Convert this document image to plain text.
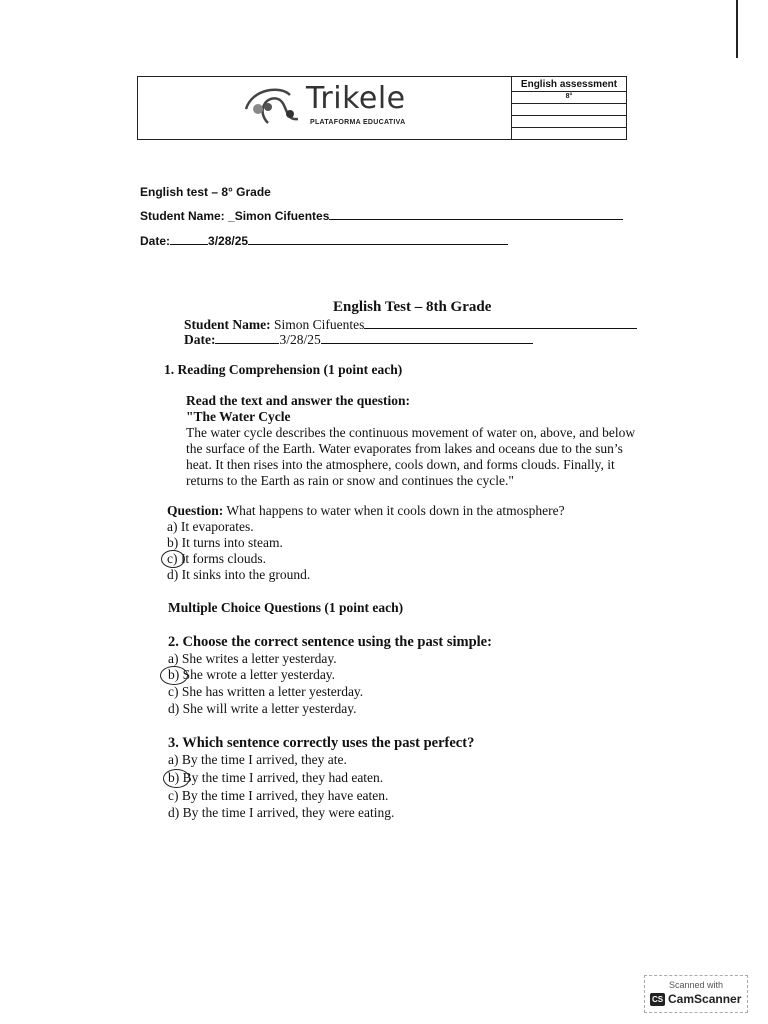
Trikele
PLATAFORMA EDUCATIVA
English assessment
8°
English test – 8° Grade
Student Name: _Simon Cifuentes
Date:	3/28/25
English Test – 8th Grade
Student Name: Simon Cifuentes
Date:	3/28/25
1. Reading Comprehension (1 point each)
Read the text and answer the question:
"The Water Cycle
The water cycle describes the continuous movement of water on, above, and below
the surface of the Earth. Water evaporates from lakes and oceans due to the sun’s
heat. It then rises into the atmosphere, cools down, and forms clouds. Finally, it
returns to the Earth as rain or snow and continues the cycle."
Question: What happens to water when it cools down in the atmosphere?
a) It evaporates.
b) It turns into steam.
c) It forms clouds.
d) It sinks into the ground.
Multiple Choice Questions (1 point each)
2. Choose the correct sentence using the past simple:
a) She writes a letter yesterday.
b) She wrote a letter yesterday.
c) She has written a letter yesterday.
d) She will write a letter yesterday.
3. Which sentence correctly uses the past perfect?
a) By the time I arrived, they ate.
b) By the time I arrived, they had eaten.
c) By the time I arrived, they have eaten.
d) By the time I arrived, they were eating.
Scanned with
CS CamScanner
